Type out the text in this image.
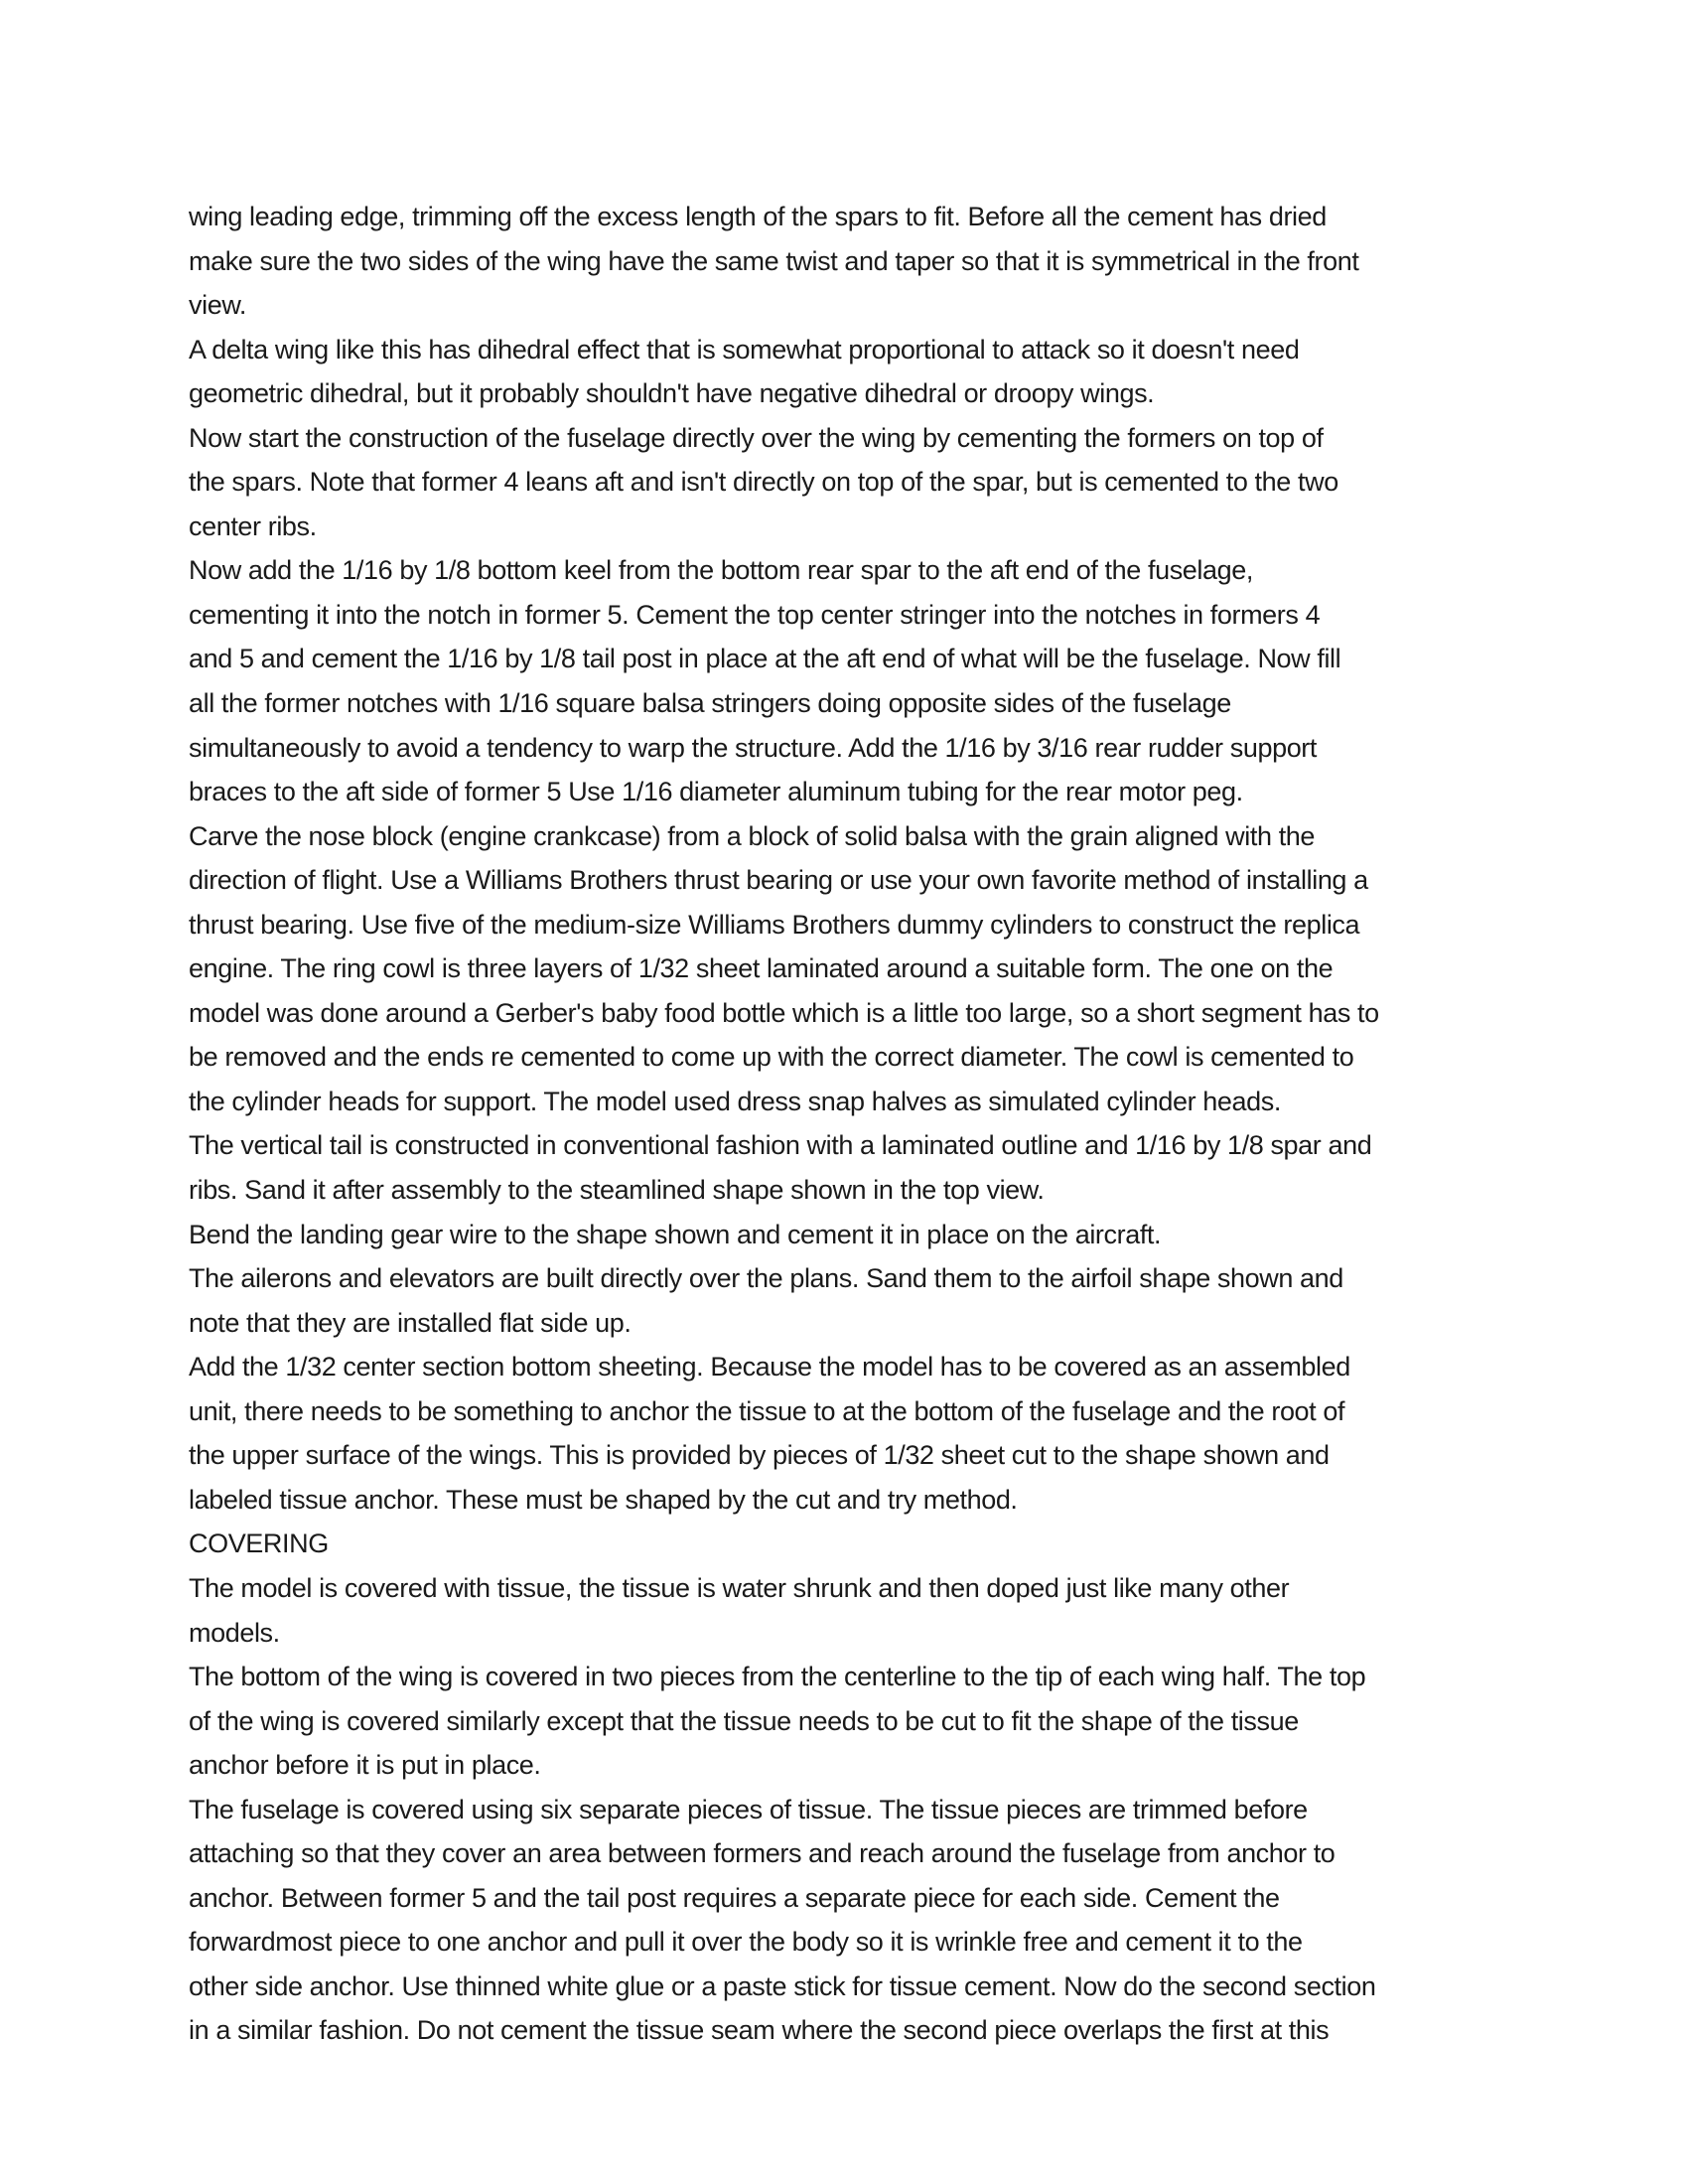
wing leading edge, trimming off the excess length of the spars to fit. Before all the cement has dried
make sure the two sides of the wing have the same twist and taper so that it is symmetrical in the front
view.
A delta wing like this has dihedral effect that is somewhat proportional to attack so it doesn't need
geometric dihedral, but it probably shouldn't have negative dihedral or droopy wings.
Now start the construction of the fuselage directly over the wing by cementing the formers on top of
the spars. Note that former 4 leans aft and isn't directly on top of the spar, but is cemented to the two
center ribs.
Now add the 1/16 by 1/8 bottom keel from the bottom rear spar to the aft end of the fuselage,
cementing it into the notch in former 5. Cement the top center stringer into the notches in formers 4
and 5 and cement the 1/16 by 1/8 tail post in place at the aft end of what will be the fuselage. Now fill
all the former notches with 1/16 square balsa stringers doing opposite sides of the fuselage
simultaneously to avoid a tendency to warp the structure. Add the 1/16 by 3/16 rear rudder support
braces to the aft side of former 5 Use 1/16 diameter aluminum tubing for the rear motor peg.
Carve the nose block (engine crankcase) from a block of solid balsa with the grain aligned with the
direction of flight. Use a Williams Brothers thrust bearing or use your own favorite method of installing a
thrust bearing. Use five of the medium-size Williams Brothers dummy cylinders to construct the replica
engine. The ring cowl is three layers of 1/32 sheet laminated around a suitable form. The one on the
model was done around a Gerber's baby food bottle which is a little too large, so a short segment has to
be removed and the ends re cemented to come up with the correct diameter. The cowl is cemented to
the cylinder heads for support. The model used dress snap halves as simulated cylinder heads.
The vertical tail is constructed in conventional fashion with a laminated outline and 1/16 by 1/8 spar and
ribs. Sand it after assembly to the steamlined shape shown in the top view.
Bend the landing gear wire to the shape shown and cement it in place on the aircraft.
The ailerons and elevators are built directly over the plans. Sand them to the airfoil shape shown and
note that they are installed flat side up.
Add the 1/32 center section bottom sheeting. Because the model has to be covered as an assembled
unit, there needs to be something to anchor the tissue to at the bottom of the fuselage and the root of
the upper surface of the wings. This is provided by pieces of 1/32 sheet cut to the shape shown and
labeled tissue anchor. These must be shaped by the cut and try method.
COVERING
The model is covered with tissue, the tissue is water shrunk and then doped just like many other
models.
The bottom of the wing is covered in two pieces from the centerline to the tip of each wing half. The top
of the wing is covered similarly except that the tissue needs to be cut to fit the shape of the tissue
anchor before it is put in place.
The fuselage is covered using six separate pieces of tissue. The tissue pieces are trimmed before
attaching so that they cover an area between formers and reach around the fuselage from anchor to
anchor. Between former 5 and the tail post requires a separate piece for each side. Cement the
forwardmost piece to one anchor and pull it over the body so it is wrinkle free and cement it to the
other side anchor. Use thinned white glue or a paste stick for tissue cement. Now do the second section
in a similar fashion. Do not cement the tissue seam where the second piece overlaps the first at this
